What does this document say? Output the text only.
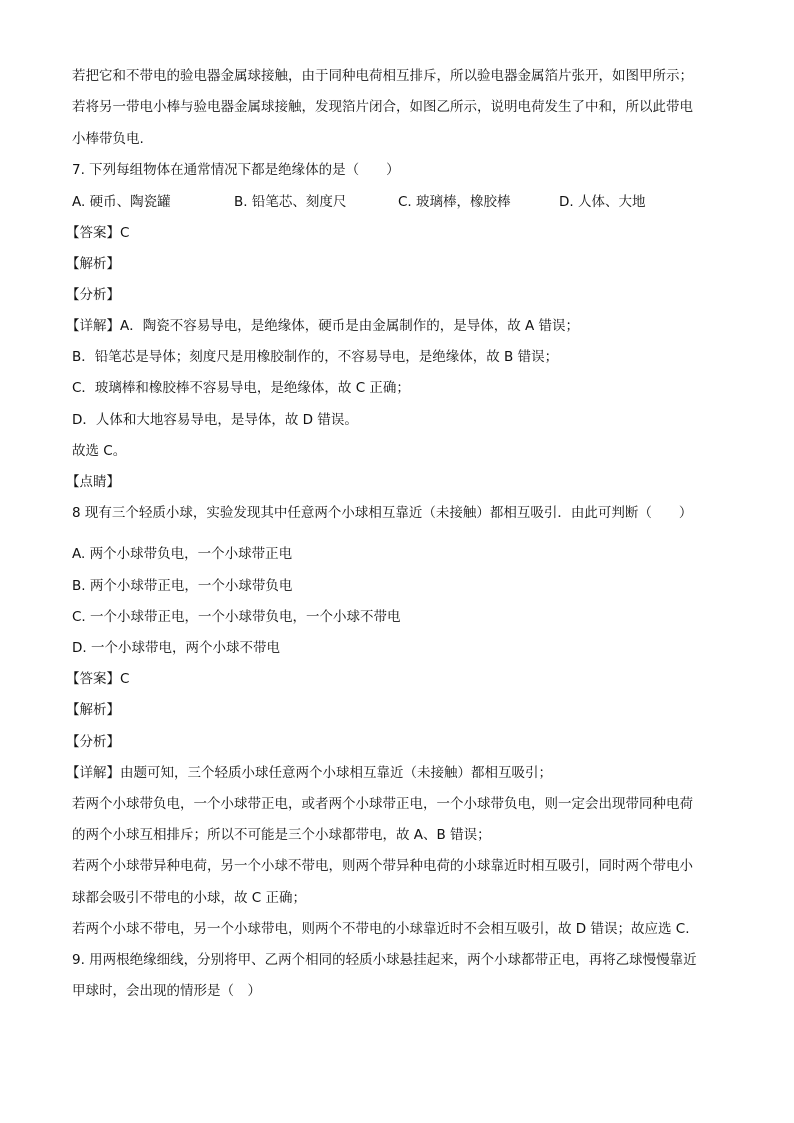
若把它和不带电的验电器金属球接触，由于同种电荷相互排斥，所以验电器金属箔片张开，如图甲所示；
若将另一带电小棒与验电器金属球接触，发现箔片闭合，如图乙所示，说明电荷发生了中和，所以此带电
小棒带负电.
7. 下列每组物体在通常情况下都是绝缘体的是（　　）
A. 硬币、陶瓷罐	B. 铅笔芯、刻度尺	C. 玻璃棒，橡胶棒	D. 人体、大地
【答案】C
【解析】
【分析】
【详解】A．陶瓷不容易导电，是绝缘体，硬币是由金属制作的，是导体，故 A 错误；
B．铅笔芯是导体；刻度尺是用橡胶制作的，不容易导电，是绝缘体，故 B 错误；
C．玻璃棒和橡胶棒不容易导电，是绝缘体，故 C 正确；
D．人体和大地容易导电，是导体，故 D 错误。
故选 C。
【点睛】
8 现有三个轻质小球，实验发现其中任意两个小球相互靠近（未接触）都相互吸引．由此可判断（　　）
A. 两个小球带负电，一个小球带正电
B. 两个小球带正电，一个小球带负电
C. 一个小球带正电，一个小球带负电，一个小球不带电
D. 一个小球带电，两个小球不带电
【答案】C
【解析】
【分析】
【详解】由题可知，三个轻质小球任意两个小球相互靠近（未接触）都相互吸引；
若两个小球带负电，一个小球带正电，或者两个小球带正电，一个小球带负电，则一定会出现带同种电荷
的两个小球互相排斥；所以不可能是三个小球都带电，故 A、B 错误；
若两个小球带异种电荷，另一个小球不带电，则两个带异种电荷的小球靠近时相互吸引，同时两个带电小
球都会吸引不带电的小球，故 C 正确；
若两个小球不带电，另一个小球带电，则两个不带电的小球靠近时不会相互吸引，故 D 错误；故应选 C.
9. 用两根绝缘细线，分别将甲、乙两个相同的轻质小球悬挂起来，两个小球都带正电，再将乙球慢慢靠近
甲球时，会出现的情形是（　）
